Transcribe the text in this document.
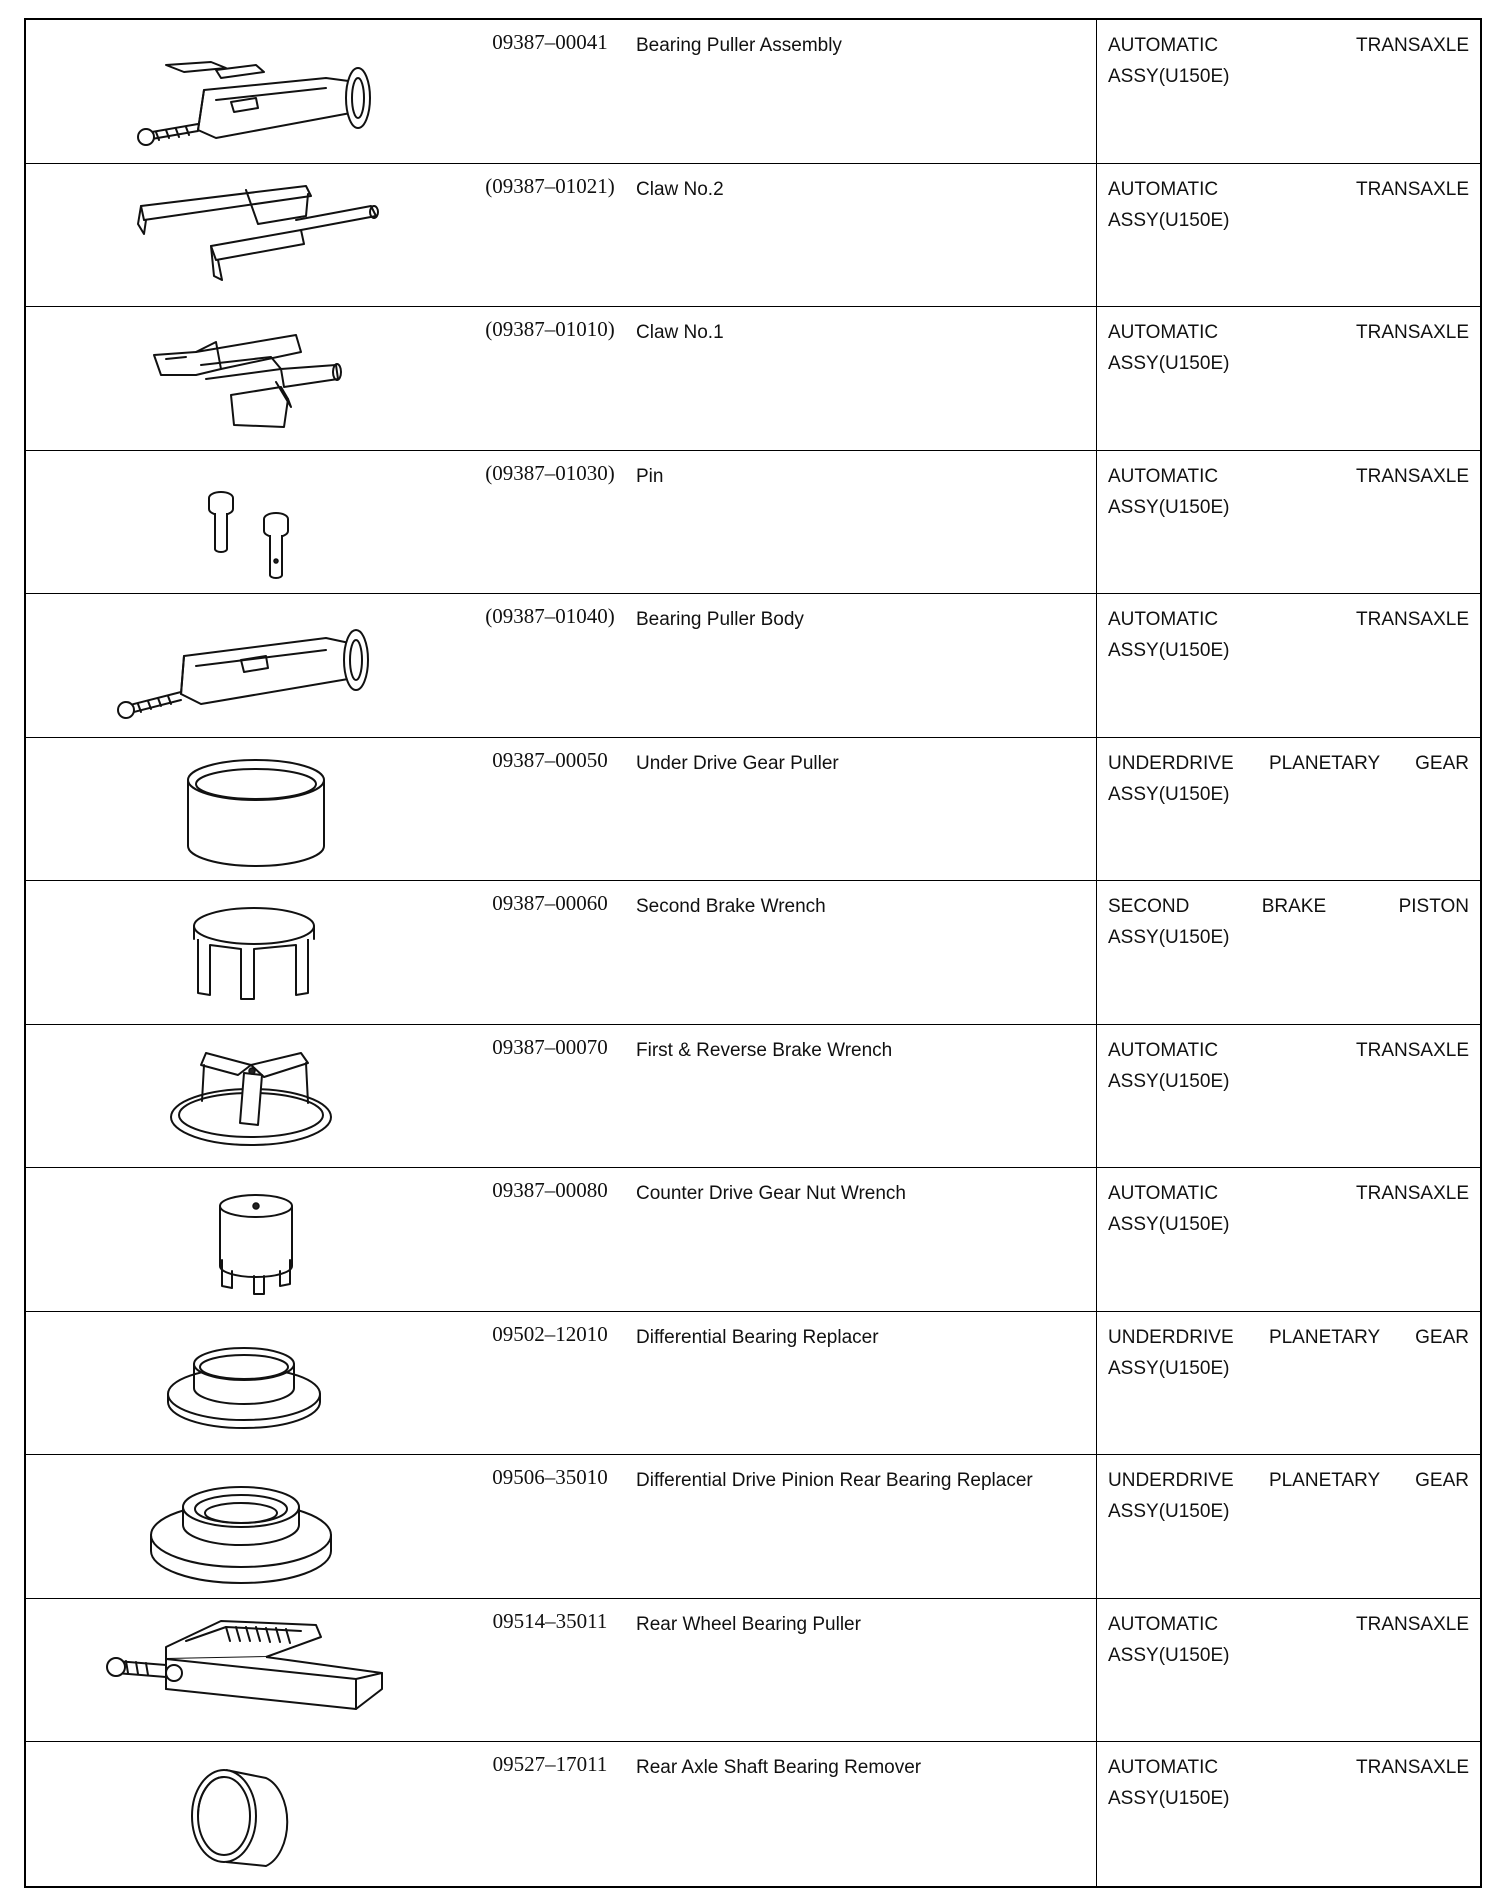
09387–00041	Bearing Puller Assembly	AUTOMATIC TRANSAXLE
ASSY(U150E)
(09387–01021)	Claw No.2	AUTOMATIC TRANSAXLE
ASSY(U150E)
(09387–01010)	Claw No.1	AUTOMATIC TRANSAXLE
ASSY(U150E)
(09387–01030)	Pin	AUTOMATIC TRANSAXLE
ASSY(U150E)
(09387–01040)	Bearing Puller Body	AUTOMATIC TRANSAXLE
ASSY(U150E)
09387–00050	Under Drive Gear Puller	UNDERDRIVE PLANETARY GEAR
ASSY(U150E)
09387–00060	Second Brake Wrench	SECOND BRAKE PISTON
ASSY(U150E)
09387–00070	First & Reverse Brake Wrench	AUTOMATIC TRANSAXLE
ASSY(U150E)
09387–00080	Counter Drive Gear Nut Wrench	AUTOMATIC TRANSAXLE
ASSY(U150E)
09502–12010	Differential Bearing Replacer	UNDERDRIVE PLANETARY GEAR
ASSY(U150E)
09506–35010	Differential Drive Pinion Rear Bearing Replacer	UNDERDRIVE PLANETARY GEAR
ASSY(U150E)
09514–35011	Rear Wheel Bearing Puller	AUTOMATIC TRANSAXLE
ASSY(U150E)
09527–17011	Rear Axle Shaft Bearing Remover	AUTOMATIC TRANSAXLE
ASSY(U150E)
